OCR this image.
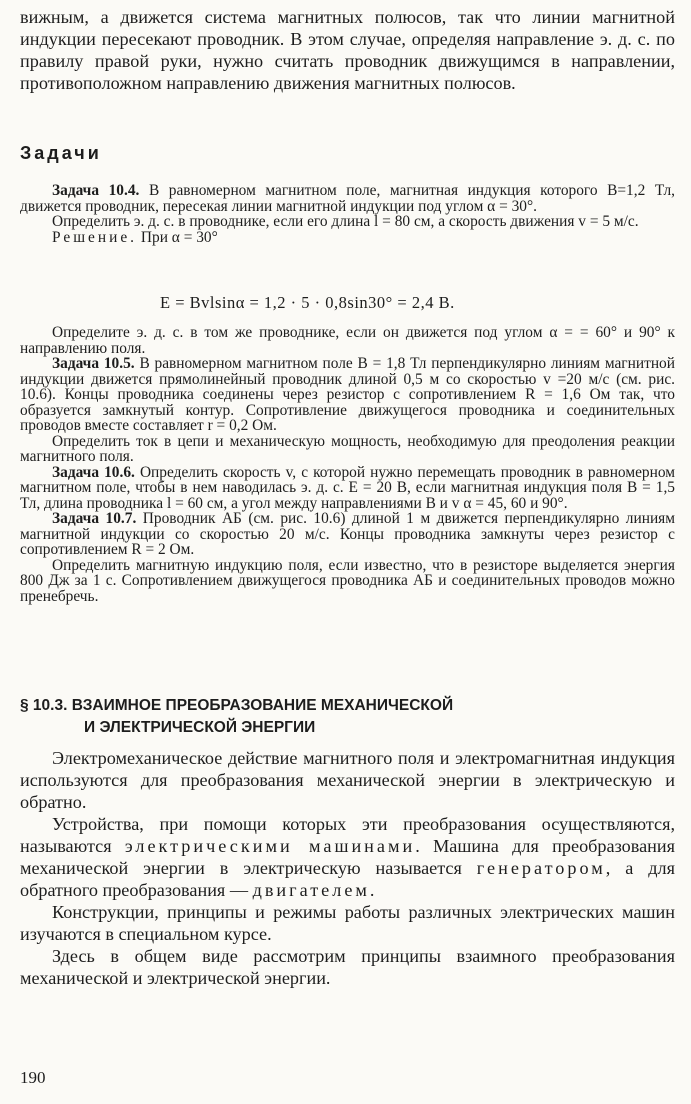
вижным, а движется система магнитных полюсов, так что линии магнитной индукции пересекают проводник. В этом случае, определяя направление э. д. с. по правилу правой руки, нужно считать проводник движущимся в направлении, противоположном направлению движения магнитных полюсов.

Задачи
Задача 10.4. В равномерном магнитном поле, магнитная индукция которого B=1,2 Тл, движется проводник, пересекая линии магнитной индукции под углом α = 30°.
Определить э. д. с. в проводнике, если его длина l = 80 см, а скорость движения v = 5 м/с.
Решение. При α = 30°

E = Bvlsinα = 1,2 · 5 · 0,8sin30° = 2,4 В.

Определите э. д. с. в том же проводнике, если он движется под углом α = = 60° и 90° к направлению поля.
Задача 10.5. В равномерном магнитном поле B = 1,8 Тл перпендикулярно линиям магнитной индукции движется прямолинейный проводник длиной 0,5 м со скоростью v =20 м/с (см. рис. 10.6). Концы проводника соединены через резистор с сопротивлением R = 1,6 Ом так, что образуется замкнутый контур. Сопротивление движущегося проводника и соединительных проводов вместе составляет r = 0,2 Ом.
Определить ток в цепи и механическую мощность, необходимую для преодоления реакции магнитного поля.
Задача 10.6. Определить скорость v, с которой нужно перемещать проводник в равномерном магнитном поле, чтобы в нем наводилась э. д. с. E = 20 В, если магнитная индукция поля B = 1,5 Тл, длина проводника l = 60 см, а угол между направлениями B и v α = 45, 60 и 90°.
Задача 10.7. Проводник АБ (см. рис. 10.6) длиной 1 м движется перпендикулярно линиям магнитной индукции со скоростью 20 м/с. Концы проводника замкнуты через резистор с сопротивлением R = 2 Ом.
Определить магнитную индукцию поля, если известно, что в резисторе выделяется энергия 800 Дж за 1 с. Сопротивлением движущегося проводника АБ и соединительных проводов можно пренебречь.
§ 10.3. ВЗАИМНОЕ ПРЕОБРАЗОВАНИЕ МЕХАНИЧЕСКОЙ
И ЭЛЕКТРИЧЕСКОЙ ЭНЕРГИИ
Электромеханическое действие магнитного поля и электромагнитная индукция используются для преобразования механической энергии в электрическую и обратно.
Устройства, при помощи которых эти преобразования осуществляются, называются электрическими машинами. Машина для преобразования механической энергии в электрическую называется генератором, а для обратного преобразования — двигателем.
Конструкции, принципы и режимы работы различных электрических машин изучаются в специальном курсе.
Здесь в общем виде рассмотрим принципы взаимного преобразования механической и электрической энергии.

190
